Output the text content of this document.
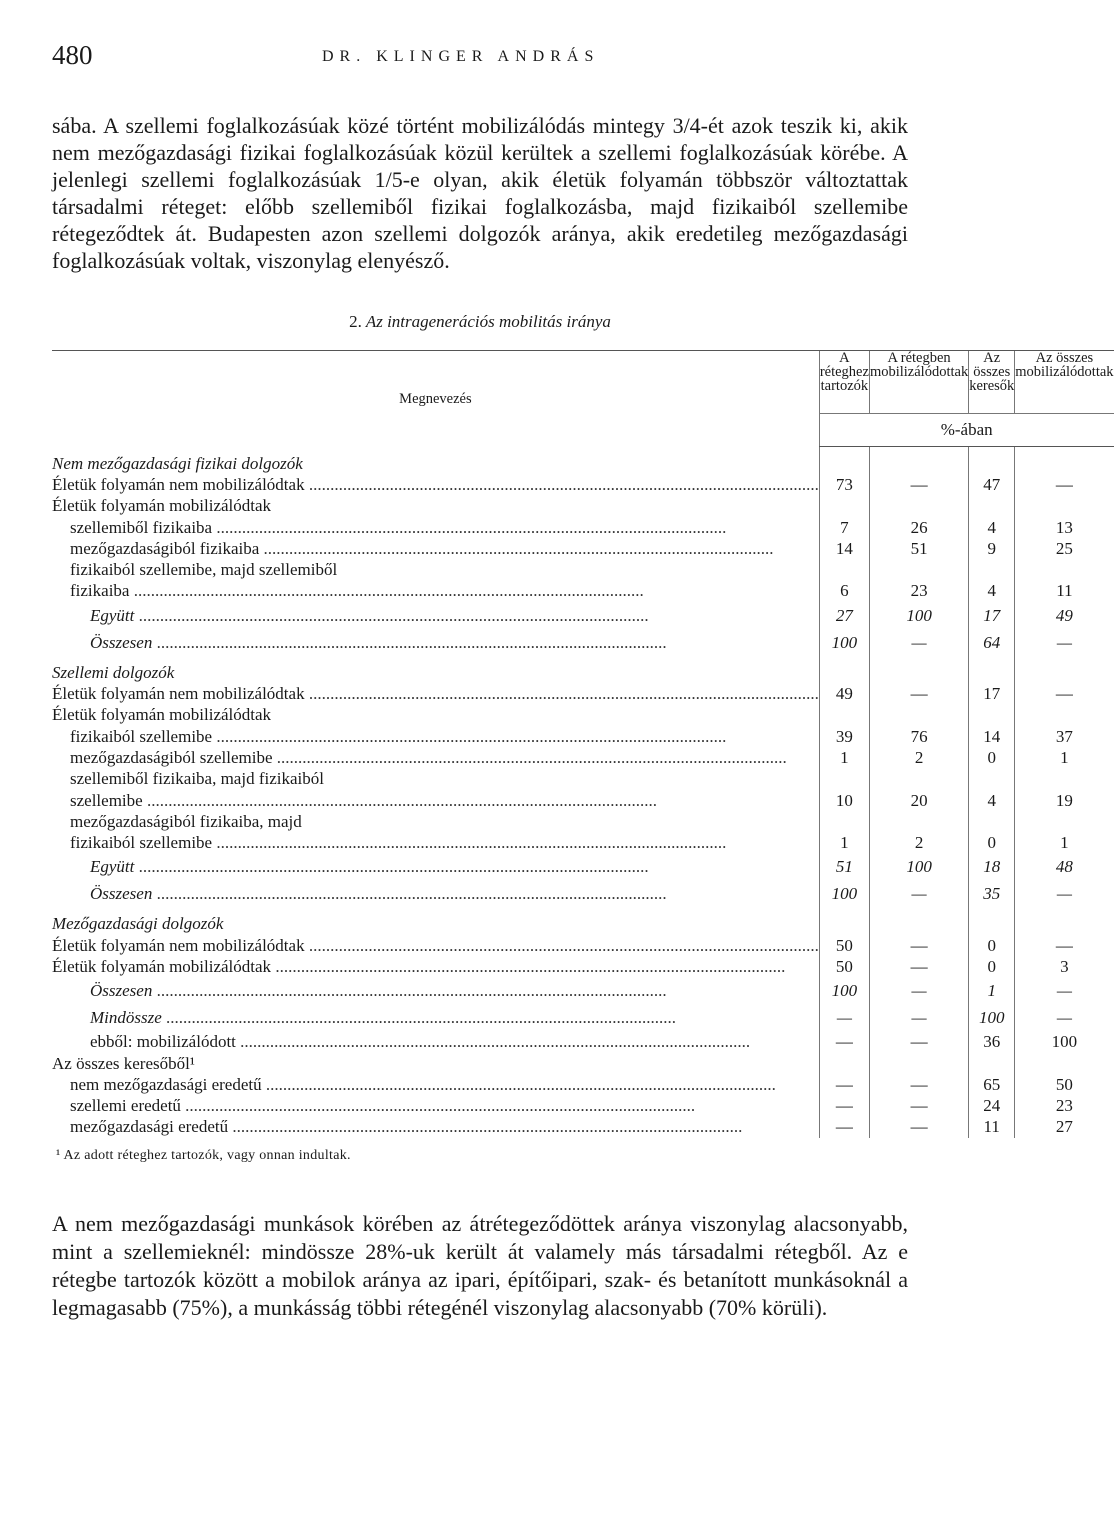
480	DR. KLINGER ANDRÁS

sába. A szellemi foglalkozásúak közé történt mobilizálódás mintegy 3/4-ét azok teszik ki, akik nem mezőgazdasági fizikai foglalkozásúak közül kerültek a szellemi foglalkozásúak körébe. A jelenlegi szellemi foglalkozásúak 1/5-e olyan, akik életük folyamán többször változtattak társadalmi réteget: előbb szellemiből fizikai foglalkozásba, majd fizikaiból szellemibe rétegeződtek át. Budapesten azon szellemi dolgozók aránya, akik eredetileg mezőgazdasági foglalkozásúak voltak, viszonylag elenyésző.

2. Az intragenerációs mobilitás iránya
Megnevezés	A réteghez tartozók	A rétegben mobilizálódottak	Az összes keresők	Az összes mobilizálódottak
	%-ában			
Nem mezőgazdasági fizikai dolgozók				
Életük folyamán nem mobilizálódtak ........................................................................................................................	73	—	47	—
Életük folyamán mobilizálódtak				
szellemiből fizikaiba ........................................................................................................................	7	26	4	13
mezőgazdaságiból fizikaiba ........................................................................................................................	14	51	9	25
fizikaiból szellemibe, majd szellemiből				
fizikaiba ........................................................................................................................	6	23	4	11
Együtt ........................................................................................................................	27	100	17	49
Összesen ........................................................................................................................	100	—	64	—
Szellemi dolgozók				
Életük folyamán nem mobilizálódtak ........................................................................................................................	49	—	17	—
Életük folyamán mobilizálódtak				
fizikaiból szellemibe ........................................................................................................................	39	76	14	37
mezőgazdaságiból szellemibe ........................................................................................................................	1	2	0	1
szellemiből fizikaiba, majd fizikaiból				
szellemibe ........................................................................................................................	10	20	4	19
mezőgazdaságiból fizikaiba, majd				
fizikaiból szellemibe ........................................................................................................................	1	2	0	1
Együtt ........................................................................................................................	51	100	18	48
Összesen ........................................................................................................................	100	—	35	—
Mezőgazdasági dolgozók				
Életük folyamán nem mobilizálódtak ........................................................................................................................	50	—	0	—
Életük folyamán mobilizálódtak ........................................................................................................................	50	—	0	3
Összesen ........................................................................................................................	100	—	1	—
Mindössze ........................................................................................................................	—	—	100	—
ebből: mobilizálódott ........................................................................................................................	—	—	36	100
Az összes keresőből¹				
nem mezőgazdasági eredetű ........................................................................................................................	—	—	65	50
szellemi eredetű ........................................................................................................................	—	—	24	23
mezőgazdasági eredetű ........................................................................................................................	—	—	11	27

¹ Az adott réteghez tartozók, vagy onnan indultak.

A nem mezőgazdasági munkások körében az átrétegeződöttek aránya viszonylag alacsonyabb, mint a szellemieknél: mindössze 28%-uk került át valamely más társadalmi rétegből. Az e rétegbe tartozók között a mobilok aránya az ipari, építőipari, szak- és betanított munkásoknál a legmagasabb (75%), a munkásság többi rétegénél viszonylag alacsonyabb (70% körüli).
